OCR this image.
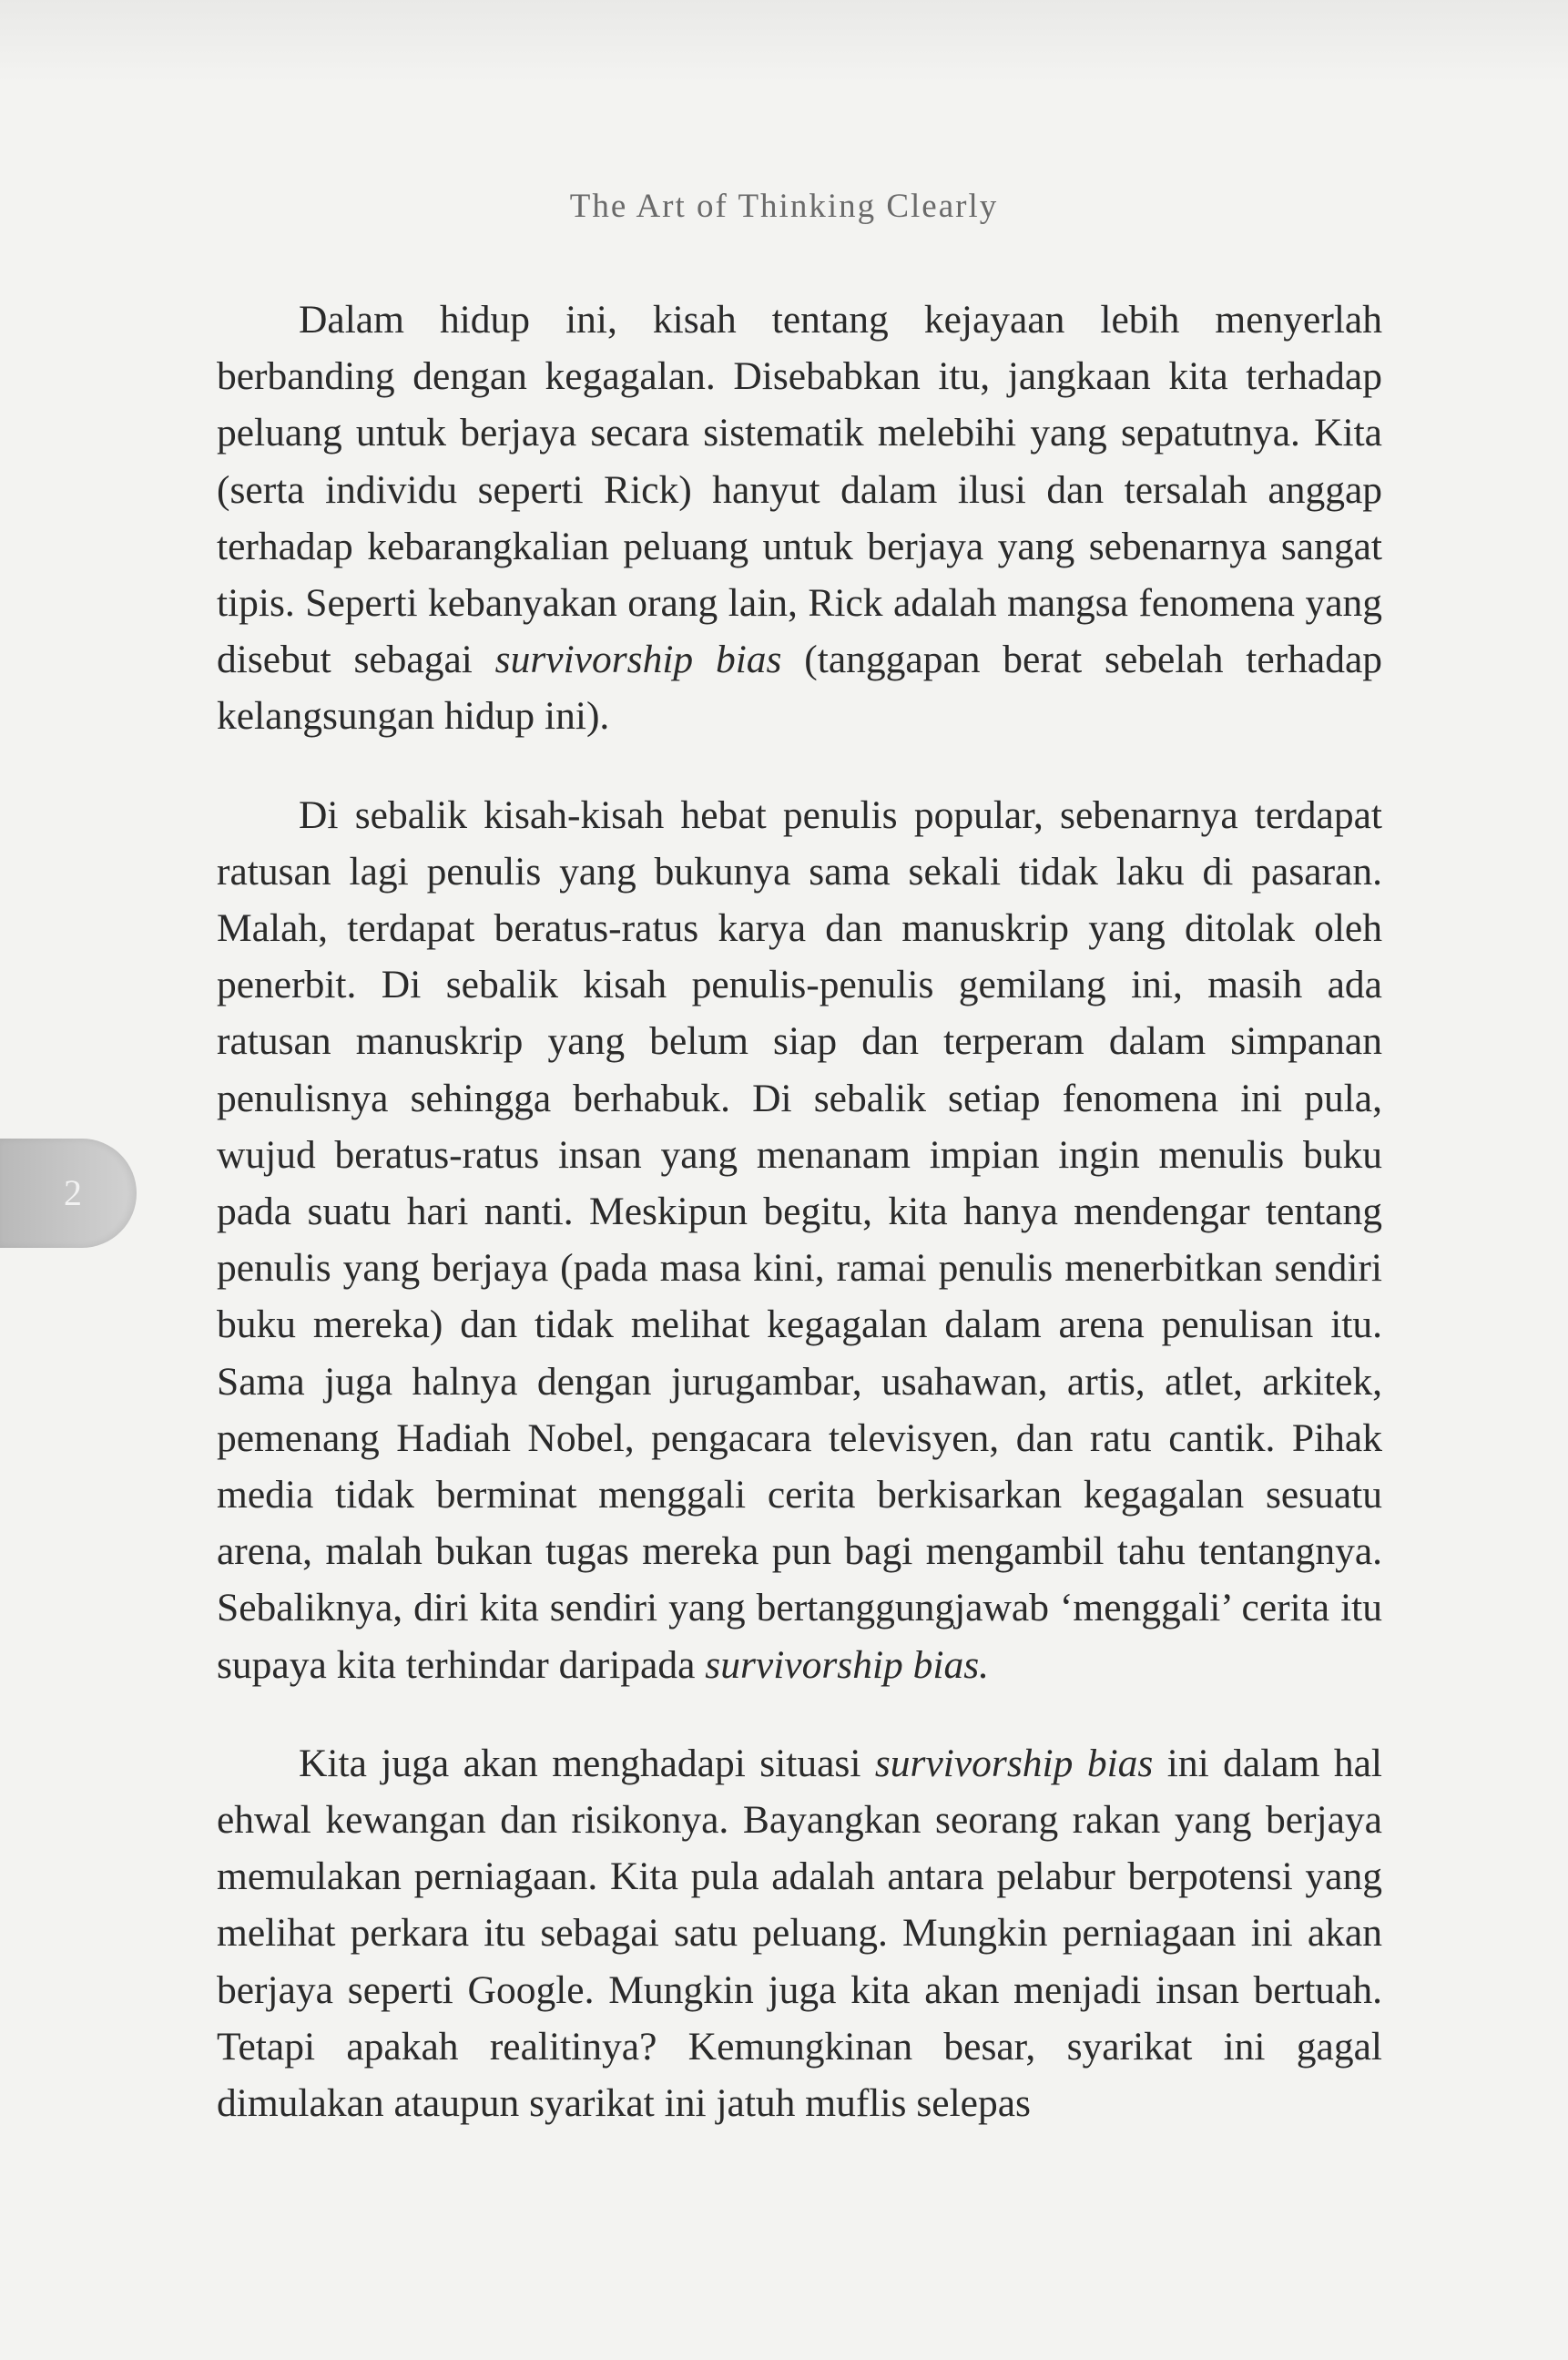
The Art of Thinking Clearly

Dalam hidup ini, kisah tentang kejayaan lebih menyerlah berbanding dengan kegagalan. Disebabkan itu, jangkaan kita terhadap peluang untuk berjaya secara sistematik melebihi yang sepatutnya. Kita (serta individu seperti Rick) hanyut dalam ilusi dan tersalah anggap terhadap kebarangkalian peluang untuk berjaya yang sebenarnya sangat tipis. Seperti kebanyakan orang lain, Rick adalah mangsa fenomena yang disebut sebagai survivorship bias (tanggapan berat sebelah terhadap kelangsungan hidup ini).

Di sebalik kisah-kisah hebat penulis popular, sebenarnya terdapat ratusan lagi penulis yang bukunya sama sekali tidak laku di pasaran. Malah, terdapat beratus-ratus karya dan manuskrip yang ditolak oleh penerbit. Di sebalik kisah penulis-penulis gemilang ini, masih ada ratusan manuskrip yang belum siap dan terperam dalam simpanan penulisnya sehingga berhabuk. Di sebalik setiap fenomena ini pula, wujud beratus-ratus insan yang menanam impian ingin menulis buku pada suatu hari nanti. Meskipun begitu, kita hanya mendengar tentang penulis yang berjaya (pada masa kini, ramai penulis menerbitkan sendiri buku mereka) dan tidak melihat kegagalan dalam arena penulisan itu. Sama juga halnya dengan jurugambar, usahawan, artis, atlet, arkitek, pemenang Hadiah Nobel, pengacara televisyen, dan ratu cantik. Pihak media tidak berminat menggali cerita berkisarkan kegagalan sesuatu arena, malah bukan tugas mereka pun bagi mengambil tahu tentangnya. Sebaliknya, diri kita sendiri yang bertanggungjawab ‘menggali’ cerita itu supaya kita terhindar daripada survivorship bias.

Kita juga akan menghadapi situasi survivorship bias ini dalam hal ehwal kewangan dan risikonya. Bayangkan seorang rakan yang berjaya memulakan perniagaan. Kita pula adalah antara pelabur berpotensi yang melihat perkara itu sebagai satu peluang. Mungkin perniagaan ini akan berjaya seperti Google. Mungkin juga kita akan menjadi insan bertuah. Tetapi apakah realitinya? Kemungkinan besar, syarikat ini gagal dimulakan ataupun syarikat ini jatuh muflis selepas

2
